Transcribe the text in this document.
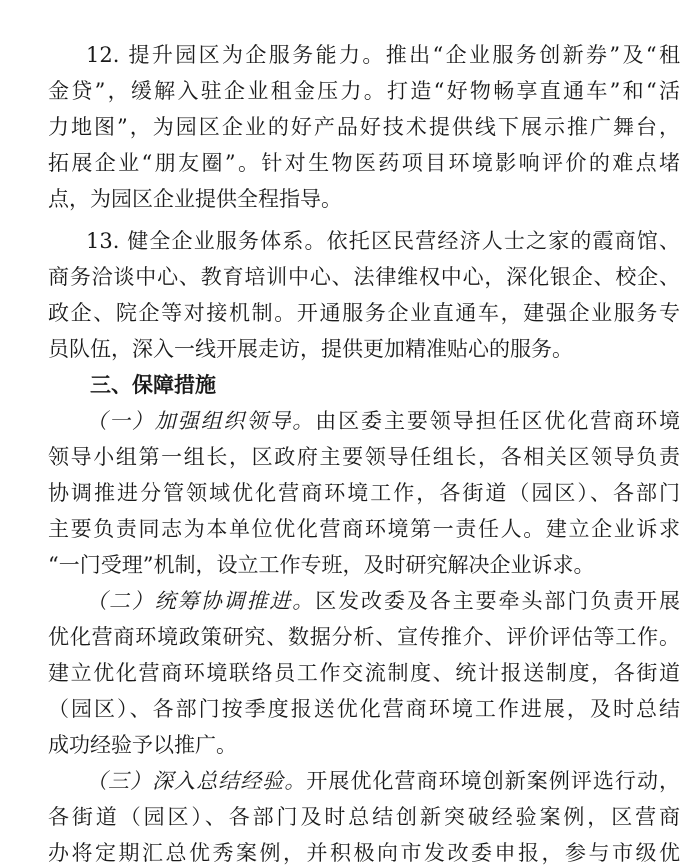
12. 提升园区为企服务能力。推出“企业服务创新券”及“租
金贷”，缓解入驻企业租金压力。打造“好物畅享直通车”和“活
力地图”，为园区企业的好产品好技术提供线下展示推广舞台，
拓展企业“朋友圈”。针对生物医药项目环境影响评价的难点堵
点，为园区企业提供全程指导。
13. 健全企业服务体系。依托区民营经济人士之家的霞商馆、
商务洽谈中心、教育培训中心、法律维权中心，深化银企、校企、
政企、院企等对接机制。开通服务企业直通车，建强企业服务专
员队伍，深入一线开展走访，提供更加精准贴心的服务。
三、保障措施
（一）加强组织领导。由区委主要领导担任区优化营商环境
领导小组第一组长，区政府主要领导任组长，各相关区领导负责
协调推进分管领域优化营商环境工作，各街道（园区）、各部门
主要负责同志为本单位优化营商环境第一责任人。建立企业诉求
“一门受理”机制，设立工作专班，及时研究解决企业诉求。
（二）统筹协调推进。区发改委及各主要牵头部门负责开展
优化营商环境政策研究、数据分析、宣传推介、评价评估等工作。
建立优化营商环境联络员工作交流制度、统计报送制度，各街道
（园区）、各部门按季度报送优化营商环境工作进展，及时总结
成功经验予以推广。
（三）深入总结经验。开展优化营商环境创新案例评选行动，
各街道（园区）、各部门及时总结创新突破经验案例，区营商
办将定期汇总优秀案例，并积极向市发改委申报，参与市级优
